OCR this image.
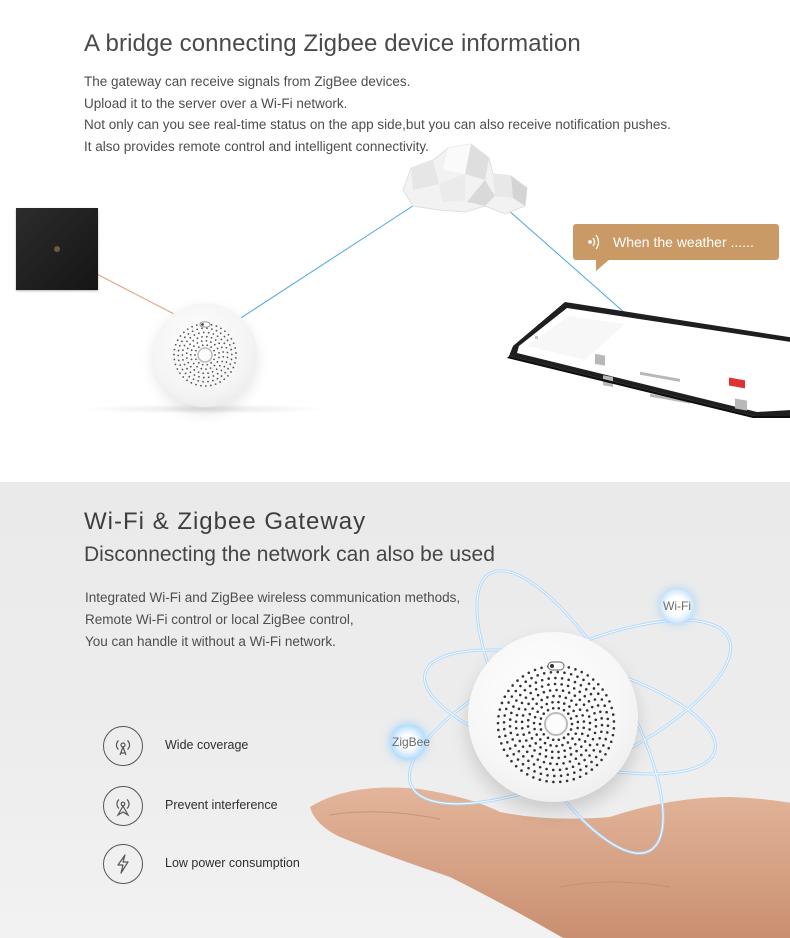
A bridge connecting Zigbee device information
The gateway can receive signals from ZigBee devices.
Upload it to the server over a Wi-Fi network.
Not only can you see real-time status on the app side,but you can also receive notification pushes.
It also provides remote control and intelligent connectivity.
When the weather ......
Wi-Fi & Zigbee Gateway
Disconnecting the network can also be used
Integrated Wi-Fi and ZigBee wireless communication methods,
Remote Wi-Fi control or local ZigBee control,
You can handle it without a Wi-Fi network.
Wide coverage
Prevent interference
Low power consumption
Wi-Fi
ZigBee
